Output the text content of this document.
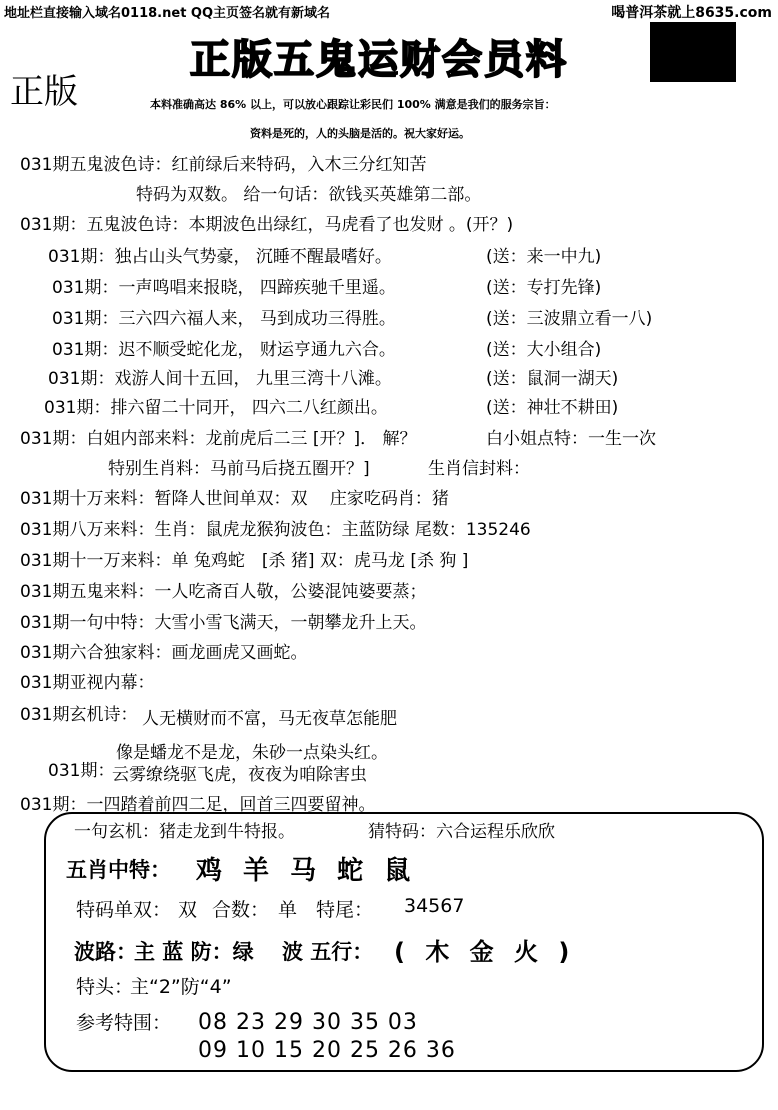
地址栏直接输入域名0118.net QQ主页签名就有新域名	喝普洱茶就上8635.com
正版五鬼运财会员料
正版	本料准确高达 86% 以上，可以放心跟踪让彩民们 100% 满意是我们的服务宗旨：
资料是死的，人的头脑是活的。祝大家好运。
031期五鬼波色诗：红前绿后来特码，入木三分红知苦
特码为双数。 给一句话：欲钱买英雄第二部。
031期：五鬼波色诗：本期波色出绿红，马虎看了也发财 。(开？)
031期：独占山头气势豪， 沉睡不醒最嗜好。	(送：来一中九)
031期：一声鸣唱来报晓， 四蹄疾驰千里遥。	(送：专打先锋)
031期：三六四六福人来， 马到成功三得胜。	(送：三波鼎立看一八)
031期：迟不顺受蛇化龙， 财运亨通九六合。	(送：大小组合)
031期：戏游人间十五回， 九里三湾十八滩。	(送：鼠洞一湖天)
031期：排六留二十同开， 四六二八红颜出。	(送：神壮不耕田)
031期：白姐内部来料：龙前虎后二三 [开？]． 解？	白小姐点特：一生一次
特别生肖料：马前马后挠五圈开？]	生肖信封料：
031期十万来料：暂降人世间单双：双　 庄家吃码肖：猪
031期八万来料：生肖：鼠虎龙猴狗波色：主蓝防绿 尾数：135246
031期十一万来料：单 兔鸡蛇　[杀 猪] 双：虎马龙 [杀 狗 ]
031期五鬼来料：一人吃斋百人敬，公婆混饨婆要蒸；
031期一句中特：大雪小雪飞满天，一朝攀龙升上天。
031期六合独家料：画龙画虎又画蛇。
031期亚视内幕：
031期玄机诗： 人无横财而不富，马无夜草怎能肥
像是蟠龙不是龙，朱砂一点染头红。
031期：
云雾缭绕驱飞虎，夜夜为咱除害虫
031期：一四踏着前四二足，回首三四要留神。
一句玄机：猪走龙到牛特报。	猜特码：六合运程乐欣欣
五肖中特： 鸡 羊 马 蛇 鼠
特码单双： 双 合数： 单 特尾： 34567
波路：
主 蓝 防：绿 波 五行： ( 木 金 火 )
特头：
主“2”防“4”
参考特围： 08 23 29 30 35 03
09 10 15 20 25 26 36
